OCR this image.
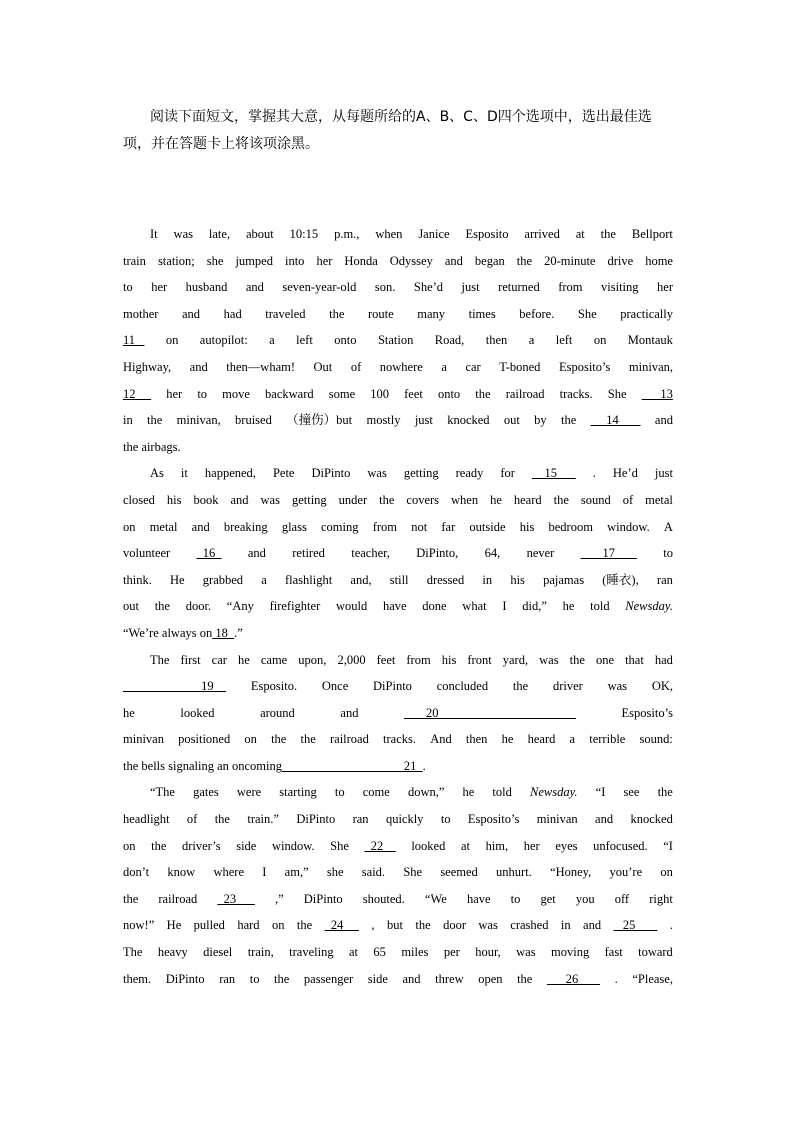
阅读下面短文，掌握其大意，从每题所给的A、B、C、D四个选项中，选出最佳选项，并在答题卡上将该项涂黑。
It was late, about 10:15 p.m., when Janice Esposito arrived at the Bellport
train station; she jumped into her Honda Odyssey and began the 20-minute drive home
to her husband and seven-year-old son. She’d just returned from visiting her
mother and had traveled the route many times before. She practically
11 on autopilot: a left onto Station Road, then a left on Montauk
Highway, and then—wham! Out of nowhere a car T-boned Esposito’s minivan,
12 her to move backward some 100 feet onto the railroad tracks. She 13
in the minivan, bruised （撞伤）but mostly just knocked out by the 14 and
the airbags.
As it happened, Pete DiPinto was getting ready for 15 . He’d just
closed his book and was getting under the covers when he heard the sound of metal
on metal and breaking glass coming from not far outside his bedroom window. A
volunteer 16 and retired teacher, DiPinto, 64, never 17 to
think. He grabbed a flashlight and, still dressed in his pajamas (睡衣), ran
out the door. “Any firefighter would have done what I did,” he told Newsday.
“We’re always on 18 .”
The first car he came upon, 2,000 feet from his front yard, was the one that had
19 Esposito. Once DiPinto concluded the driver was OK,
he	looked	around	and	20	Esposito’s
minivan positioned on the the railroad tracks. And then he heard a terrible sound:
the bells signaling an oncoming 21 .
“The gates were starting to come down,” he told Newsday. “I see the
headlight of the train.” DiPinto ran quickly to Esposito’s minivan and knocked
on the driver’s side window. She 22 looked at him, her eyes unfocused. “I
don’t know where I am,” she said. She seemed unhurt. “Honey, you’re on
the railroad 23 ,” DiPinto shouted. “We have to get you off right
now!” He pulled hard on the 24 , but the door was crashed in and 25 .
The heavy diesel train, traveling at 65 miles per hour, was moving fast toward
them. DiPinto ran to the passenger side and threw open the 26 . “Please,
